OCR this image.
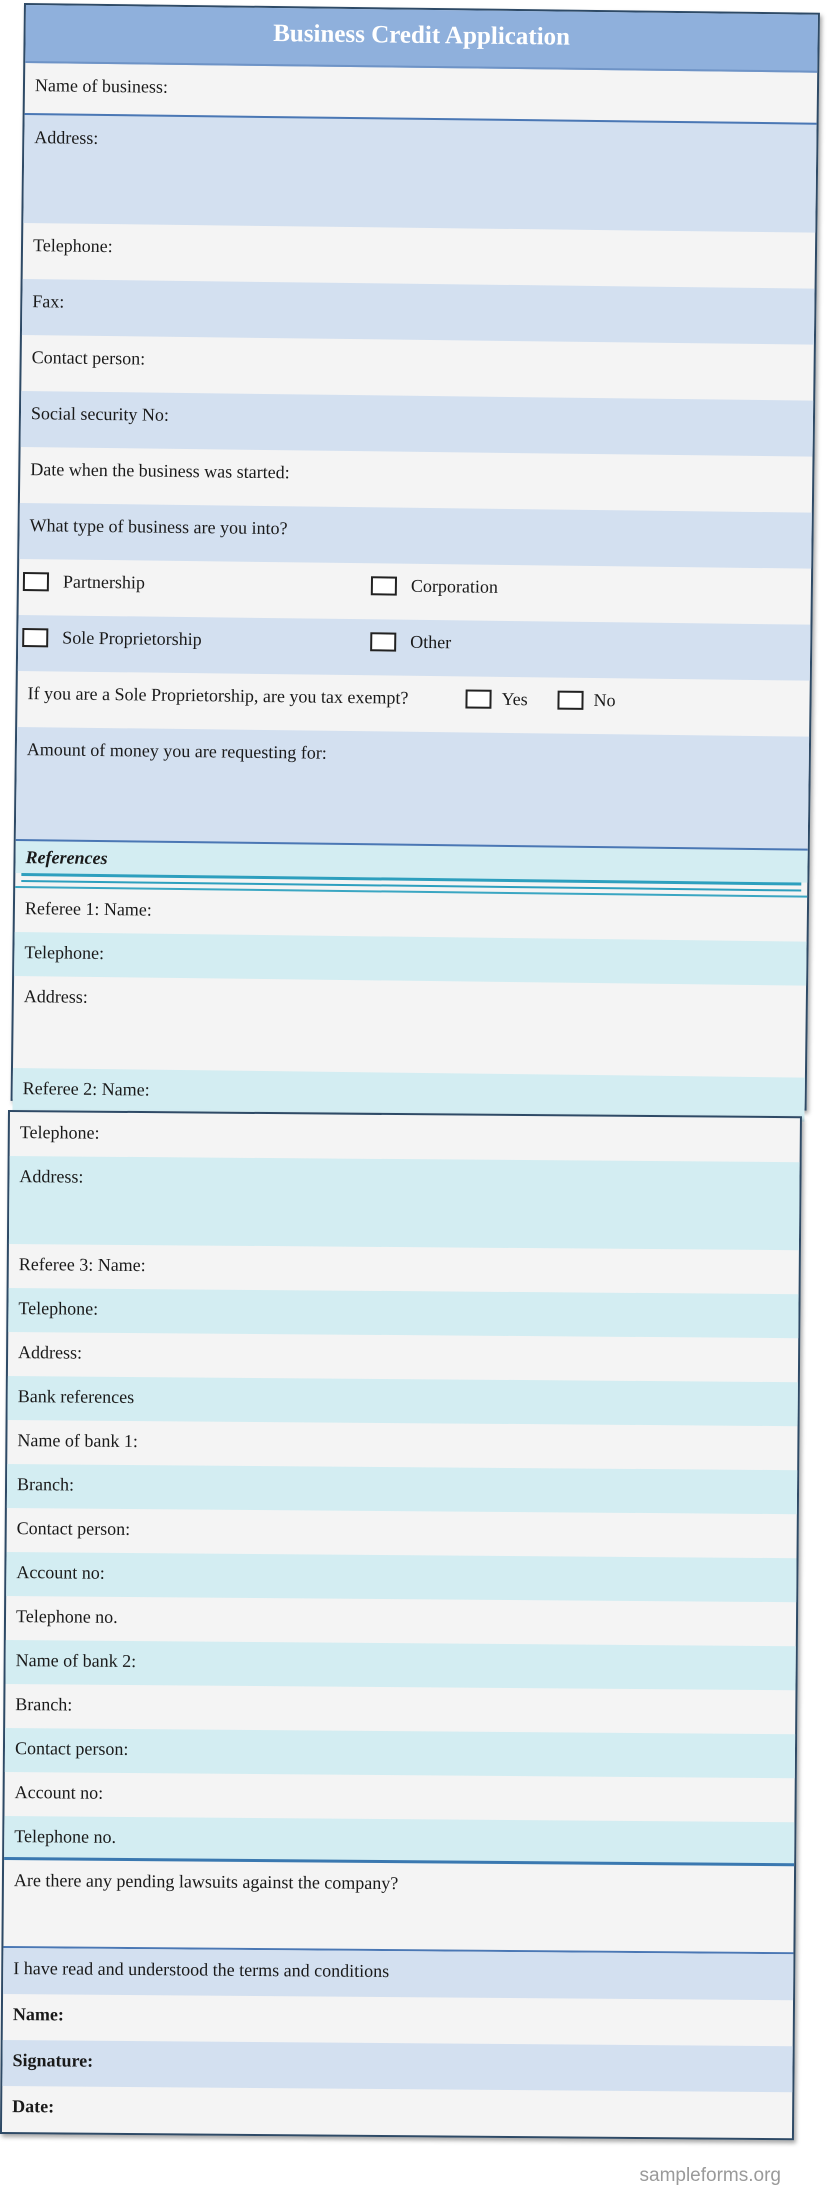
Business Credit Application
Name of business:
Address:
Telephone:
Fax:
Contact person:
Social security No:
Date when the business was started:
What type of business are you into?
Partnership	Corporation
Sole Proprietorship	Other
If you are a Sole Proprietorship, are you tax exempt?	Yes	No
Amount of money you are requesting for:
References
Referee 1: Name:
Telephone:
Address:
Referee 2: Name:
Telephone:
Address:
Referee 3: Name:
Telephone:
Address:
Bank references
Name of bank 1:
Branch:
Contact person:
Account no:
Telephone no.
Name of bank 2:
Branch:
Contact person:
Account no:
Telephone no.
Are there any pending lawsuits against the company?
I have read and understood the terms and conditions
Name:
Signature:
Date:
sampleforms.org
